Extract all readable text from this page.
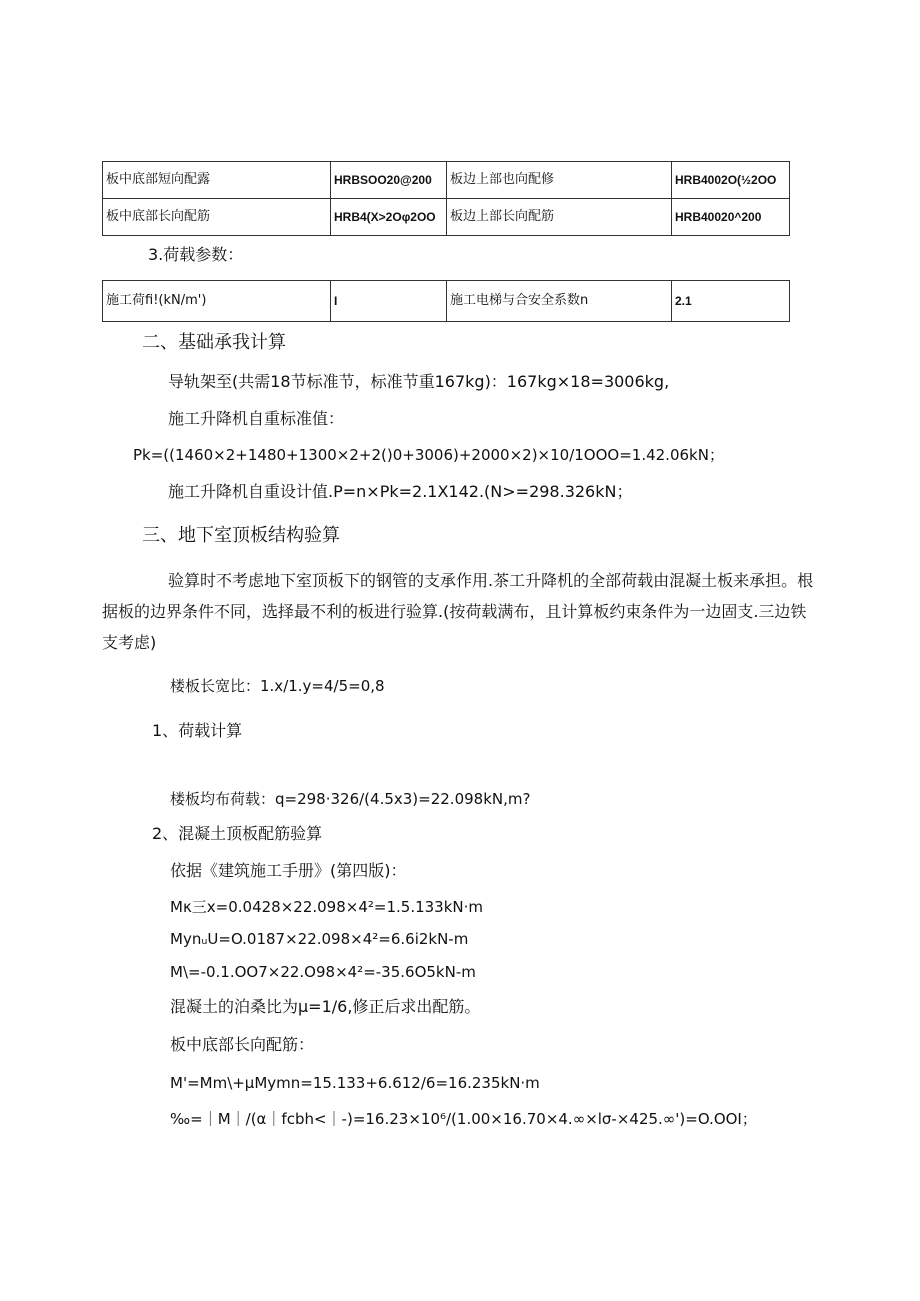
板中底部短向配露	HRBSOO20@200	板边上部也向配修	HRB4002O(½2OO
板中底部长向配筋	HRB4(X>2Oφ2OO	板边上部长向配筋	HRB40020^200
3.荷载参数：
施工荷fi!(kN/m')	I	施工电梯与合安全系数n	2.1
二、基础承我计算
导轨架至(共需18节标准节，标准节重167kg)：167kg×18=3006kg,
施工升降机自重标准值：
Pk=((1460×2+1480+1300×2+2()0+3006)+2000×2)×10/1OOO=1.42.06kN；
施工升降机自重设计值.P=n×Pk=2.1X142.(N>=298.326kN；
三、地下室顶板结构验算
验算时不考虑地下室顶板下的钢管的支承作用.茶工升降机的全部荷载由混凝土板来承担。根据板的边界条件不同，选择最不利的板进行验算.(按荷载满布，且计算板约束条件为一边固支.三边铁支考虑)
楼板长宽比：1.x/1.y=4/5=0,8
1、荷载计算
楼板均布荷载：q=298·326/(4.5x3)=22.098kN,m?
2、混凝土顶板配筋验算
依据《建筑施工手册》(第四版)：
Mκ三x=0.0428×22.098×4²=1.5.133kN·m
MynᵤU=O.0187×22.098×4²=6.6i2kN-m
M\=-0.1.OO7×22.O98×4²=-35.6O5kN-m
混凝土的泊桑比为μ=1/6,修正后求出配筋。
板中底部长向配筋：
M'=Mm\+μMymn=15.133+6.612/6=16.235kN·m
‰=｜M｜/(α｜fcbh<｜-)=16.23×10⁶/(1.00×16.70×4.∞×lσ-×425.∞')=O.OOI；
